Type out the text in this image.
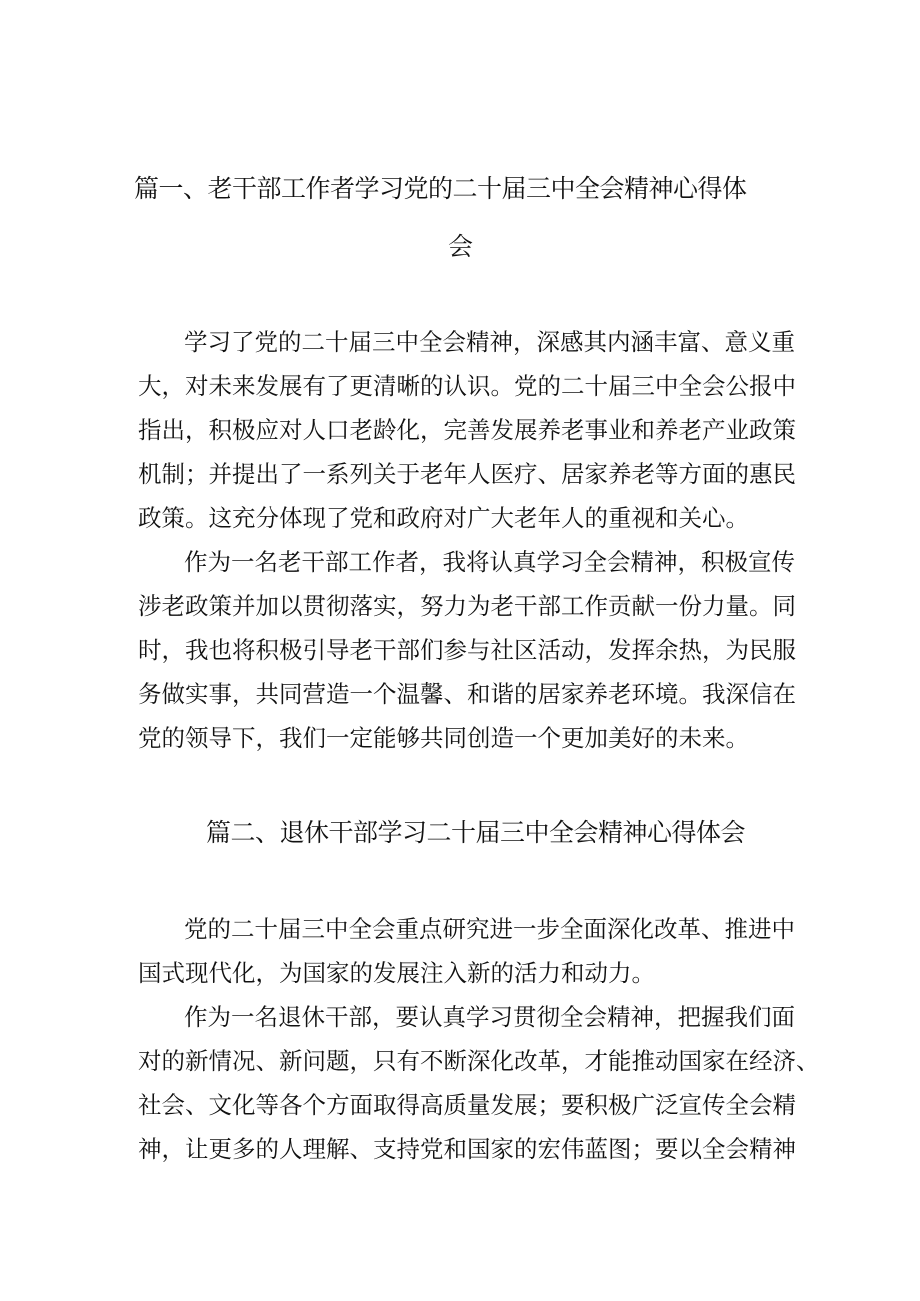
篇一、老干部工作者学习党的二十届三中全会精神心得体
会
学习了党的二十届三中全会精神，深感其内涵丰富、意义重
大，对未来发展有了更清晰的认识。党的二十届三中全会公报中
指出，积极应对人口老龄化，完善发展养老事业和养老产业政策
机制；并提出了一系列关于老年人医疗、居家养老等方面的惠民
政策。这充分体现了党和政府对广大老年人的重视和关心。
作为一名老干部工作者，我将认真学习全会精神，积极宣传
涉老政策并加以贯彻落实，努力为老干部工作贡献一份力量。同
时，我也将积极引导老干部们参与社区活动，发挥余热，为民服
务做实事，共同营造一个温馨、和谐的居家养老环境。我深信在
党的领导下，我们一定能够共同创造一个更加美好的未来。
篇二、退休干部学习二十届三中全会精神心得体会
党的二十届三中全会重点研究进一步全面深化改革、推进中
国式现代化，为国家的发展注入新的活力和动力。
作为一名退休干部，要认真学习贯彻全会精神，把握我们面
对的新情况、新问题，只有不断深化改革，才能推动国家在经济、
社会、文化等各个方面取得高质量发展；要积极广泛宣传全会精
神，让更多的人理解、支持党和国家的宏伟蓝图；要以全会精神
